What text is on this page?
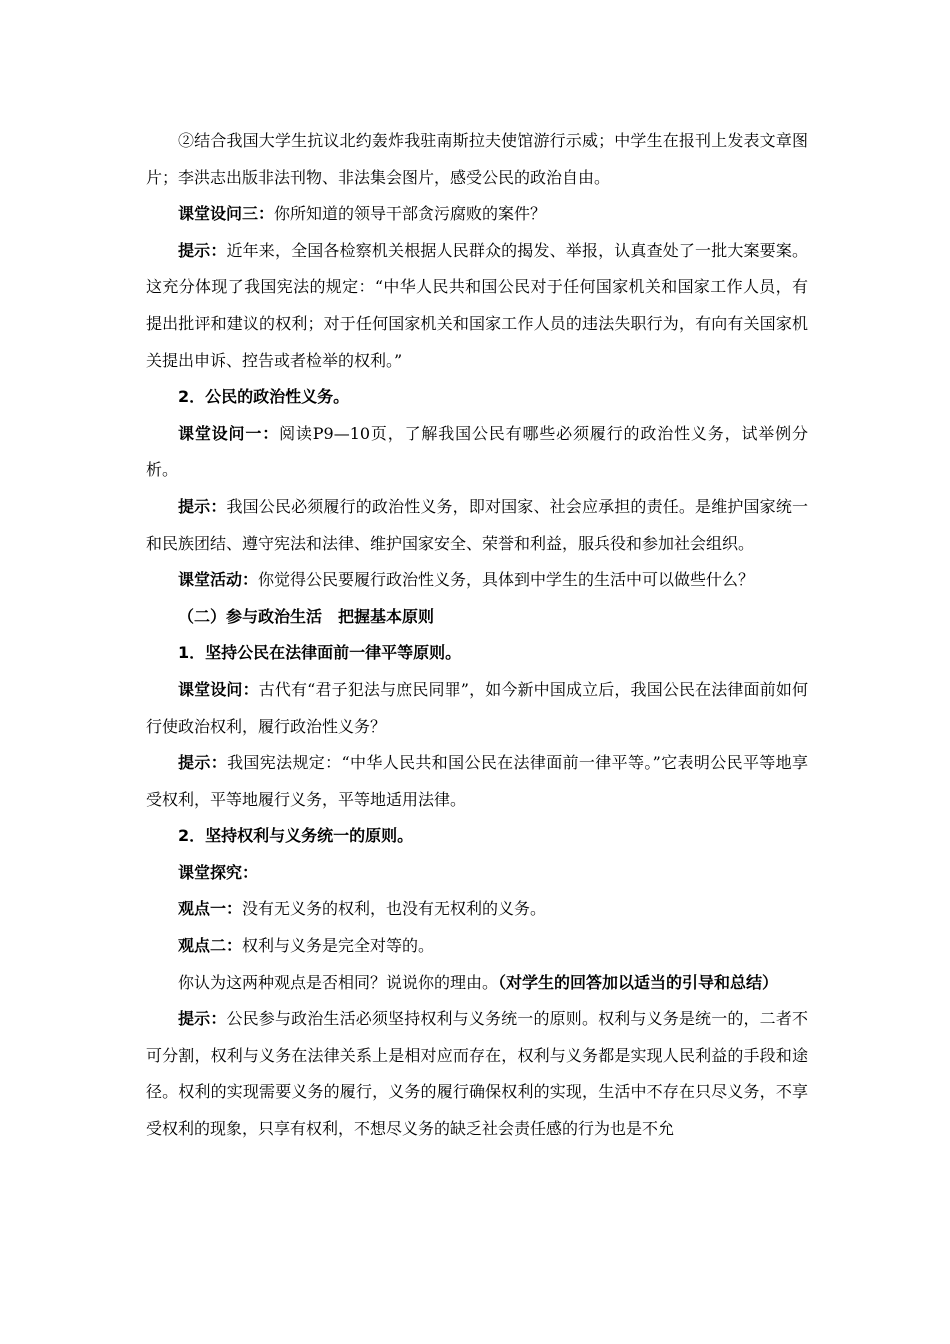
②结合我国大学生抗议北约轰炸我驻南斯拉夫使馆游行示威；中学生在报刊上发表文章图片；李洪志出版非法刊物、非法集会图片，感受公民的政治自由。

课堂设问三：你所知道的领导干部贪污腐败的案件？

提示：近年来，全国各检察机关根据人民群众的揭发、举报，认真查处了一批大案要案。这充分体现了我国宪法的规定：“中华人民共和国公民对于任何国家机关和国家工作人员，有提出批评和建议的权利；对于任何国家机关和国家工作人员的违法失职行为，有向有关国家机关提出申诉、控告或者检举的权利。”

2．公民的政治性义务。

课堂设问一：阅读P9—10页，了解我国公民有哪些必须履行的政治性义务，试举例分析。

提示：我国公民必须履行的政治性义务，即对国家、社会应承担的责任。是维护国家统一和民族团结、遵守宪法和法律、维护国家安全、荣誉和利益，服兵役和参加社会组织。

课堂活动：你觉得公民要履行政治性义务，具体到中学生的生活中可以做些什么？

（二）参与政治生活　把握基本原则

1．坚持公民在法律面前一律平等原则。

课堂设问：古代有“君子犯法与庶民同罪”，如今新中国成立后，我国公民在法律面前如何行使政治权利，履行政治性义务？

提示：我国宪法规定：“中华人民共和国公民在法律面前一律平等。”它表明公民平等地享受权利，平等地履行义务，平等地适用法律。

2．坚持权利与义务统一的原则。

课堂探究：

观点一：没有无义务的权利，也没有无权利的义务。

观点二：权利与义务是完全对等的。

你认为这两种观点是否相同？说说你的理由。（对学生的回答加以适当的引导和总结）

提示：公民参与政治生活必须坚持权利与义务统一的原则。权利与义务是统一的，二者不可分割，权利与义务在法律关系上是相对应而存在，权利与义务都是实现人民利益的手段和途径。权利的实现需要义务的履行，义务的履行确保权利的实现，生活中不存在只尽义务，不享受权利的现象，只享有权利，不想尽义务的缺乏社会责任感的行为也是不允
